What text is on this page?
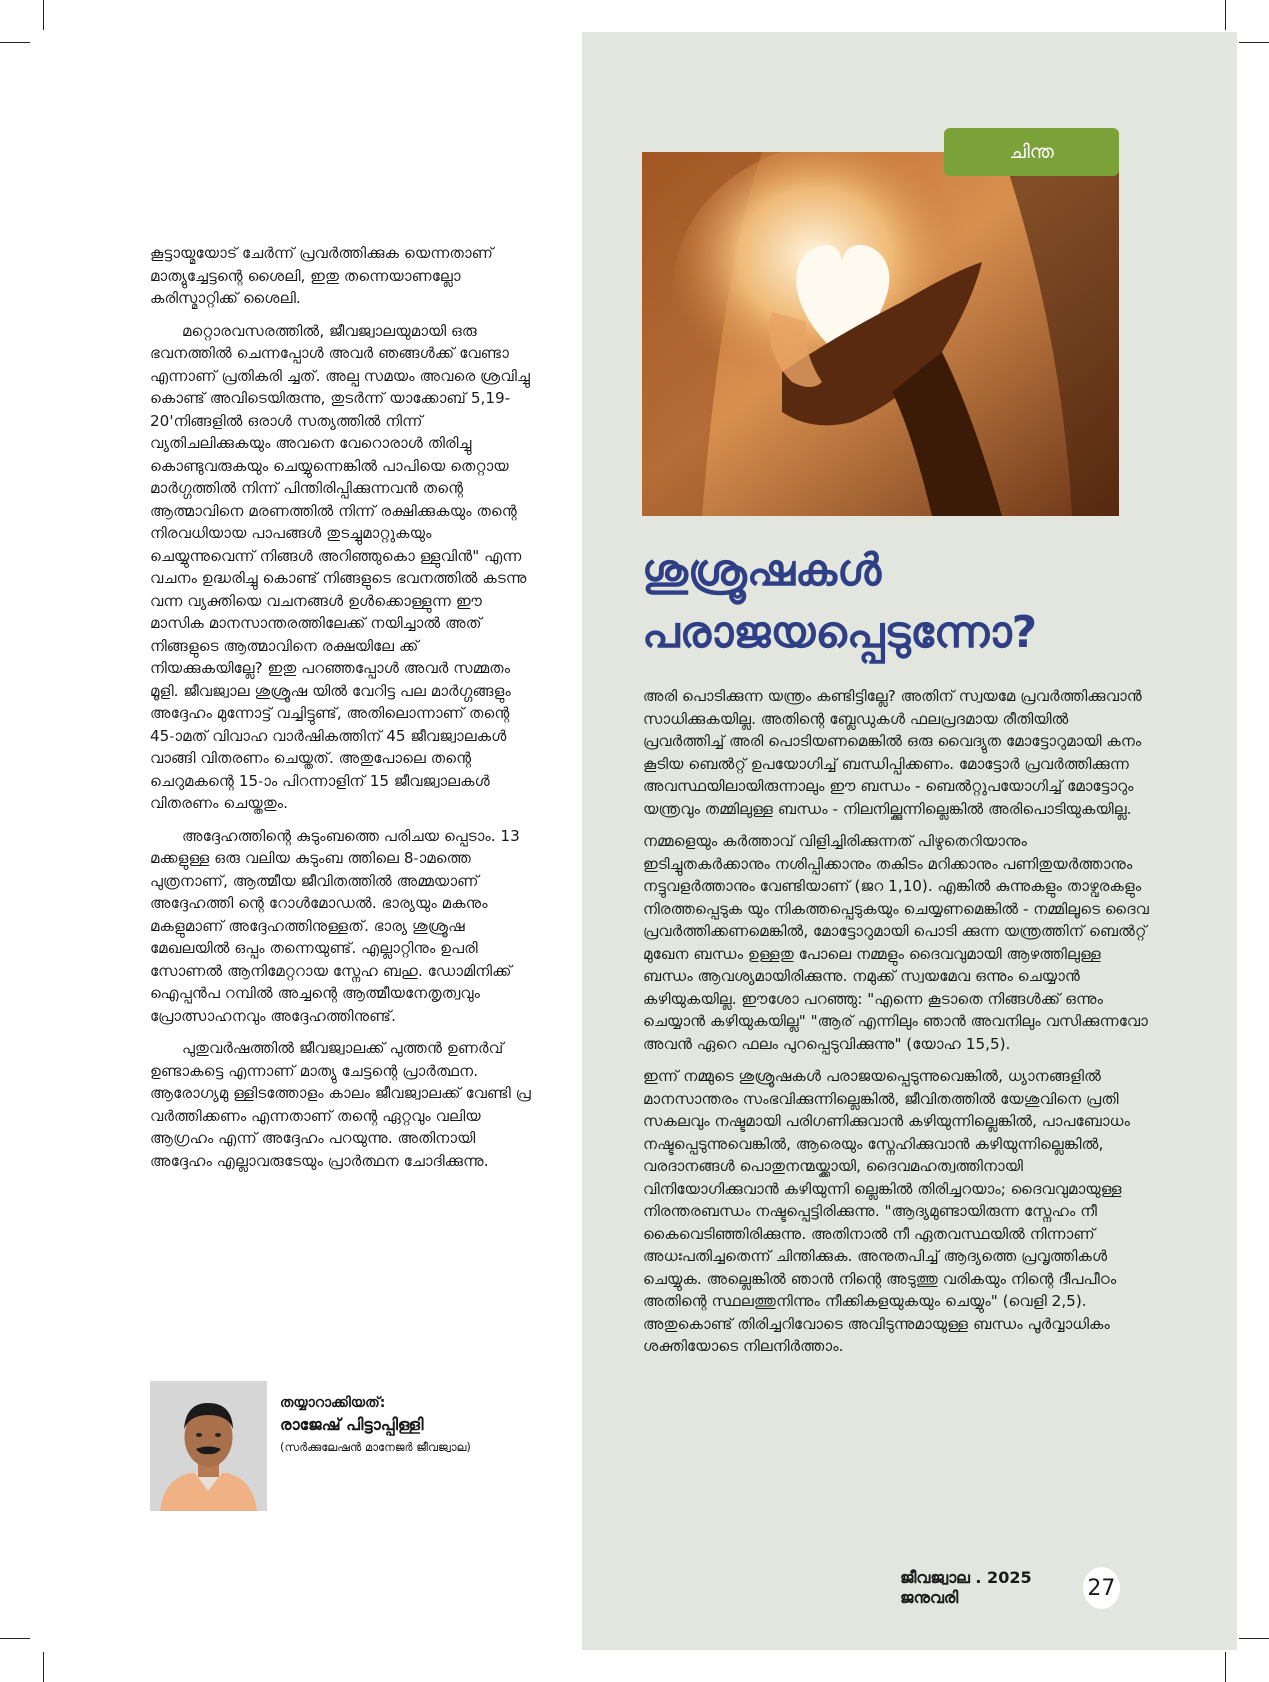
കൂട്ടായ്മയോട് ചേർന്ന് പ്രവർത്തിക്കുക യെന്നതാണ് മാത്യുച്ചേട്ടന്റെ ശൈലി, ഇതു തന്നെയാണല്ലോ കരിസ്മാറ്റിക്ക് ശൈലി.

മറ്റൊരവസരത്തിൽ, ജീവജ്വാലയുമായി ഒരു ഭവനത്തിൽ ചെന്നപ്പോൾ അവർ ഞങ്ങൾക്ക് വേണ്ടാ എന്നാണ് പ്രതികരി ച്ചത്. അല്പ സമയം അവരെ ശ്രവിച്ചു കൊണ്ട് അവിടെയിരുന്നു, തുടർന്ന് യാക്കോബ് 5,19-20'നിങ്ങളിൽ ഒരാൾ സത്യത്തിൽ നിന്ന് വ്യതിചലിക്കുകയും അവനെ വേറൊരാൾ തിരിച്ചു കൊണ്ടുവരുകയും ചെയ്യുന്നെങ്കിൽ പാപിയെ തെറ്റായ മാർഗ്ഗത്തിൽ നിന്ന് പിന്തിരിപ്പിക്കുന്നവൻ തന്റെ ആത്മാവിനെ മരണത്തിൽ നിന്ന് രക്ഷിക്കുകയും തന്റെ നിരവധിയായ പാപങ്ങൾ തുടച്ചുമാറ്റുകയും ചെയ്യുന്നുവെന്ന് നിങ്ങൾ അറിഞ്ഞുകൊ ള്ളുവിൻ" എന്ന വചനം ഉദ്ധരിച്ചു കൊണ്ട് നിങ്ങളുടെ ഭവനത്തിൽ കടന്നു വന്ന വ്യക്തിയെ വചനങ്ങൾ ഉൾക്കൊള്ളുന്ന ഈ മാസിക മാനസാന്തരത്തിലേക്ക് നയിച്ചാൽ അത് നിങ്ങളുടെ ആത്മാവിനെ രക്ഷയിലേ ക്ക് നിയക്കുകയില്ലേ? ഇതു പറഞ്ഞപ്പോൾ അവർ സമ്മതം മൂളി. ജീവജ്വാല ശുശ്രൂഷ യിൽ വേറിട്ട പല മാർഗ്ഗങ്ങളും അദ്ദേഹം മുന്നോട്ട് വച്ചിട്ടുണ്ട്, അതിലൊന്നാണ് തന്റെ 45-ാമത് വിവാഹ വാർഷികത്തിന് 45 ജീവജ്വാലകൾ വാങ്ങി വിതരണം ചെയ്തത്. അതുപോലെ തന്റെ ചെറുമകന്റെ 15-ാം പിറന്നാളിന് 15 ജീവജ്വാലകൾ വിതരണം ചെയ്തതും.

അദ്ദേഹത്തിന്റെ കുടുംബത്തെ പരിചയ പ്പെടാം. 13 മക്കളുള്ള ഒരു വലിയ കുടുംബ ത്തിലെ 8-ാമത്തെ പുത്രനാണ്, ആത്മീയ ജീവിതത്തിൽ അമ്മയാണ് അദ്ദേഹത്തി ന്റെ റോൾമോഡൽ. ഭാര്യയും മകനും മകളുമാണ് അദ്ദേഹത്തിനുള്ളത്. ഭാര്യ ശുശ്രൂഷ മേഖലയിൽ ഒപ്പം തന്നെയുണ്ട്. എല്ലാറ്റിനും ഉപരി സോണൽ ആനിമേറ്ററായ സ്നേഹ ബഹു. ഡോമിനിക്ക് ഐപ്പൻപ റമ്പിൽ അച്ചന്റെ ആത്മീയനേതൃത്വവും പ്രോത്സാഹനവും അദ്ദേഹത്തിനുണ്ട്.

പുതുവർഷത്തിൽ ജീവജ്വാലക്ക് പുത്തൻ ഉണർവ് ഉണ്ടാകട്ടെ എന്നാണ് മാത്യു ചേട്ടന്റെ പ്രാർത്ഥന. ആരോഗ്യമു ള്ളിടത്തോളം കാലം ജീവജ്വാലക്ക് വേണ്ടി പ്ര വർത്തിക്കണം എന്നതാണ് തന്റെ ഏറ്റവും വലിയ ആഗ്രഹം എന്ന് അദ്ദേഹം പറയുന്നു. അതിനായി അദ്ദേഹം എല്ലാവരുടേയും പ്രാർത്ഥന ചോദിക്കുന്നു.

തയ്യാറാക്കിയത്:
രാജേഷ് പിട്ടാപ്പിള്ളി
(സർക്കുലേഷൻ മാനേജർ ജീവജ്വാല)
ചിന്ത
ശുശ്രൂഷകൾ
പരാജയപ്പെടുന്നോ?

അരി പൊടിക്കുന്ന യന്ത്രം കണ്ടിട്ടില്ലേ? അതിന് സ്വയമേ പ്രവർത്തിക്കുവാൻ സാധിക്കുകയില്ല. അതിന്റെ ബ്ലേഡുകൾ ഫലപ്രദമായ രീതിയിൽ പ്രവർത്തിച്ച് അരി പൊടിയണമെങ്കിൽ ഒരു വൈദ്യുത മോട്ടോറുമായി കനം കൂടിയ ബെൽറ്റ് ഉപയോഗിച്ച് ബന്ധിപ്പിക്കണം. മോട്ടോർ പ്രവർത്തിക്കുന്ന അവസ്ഥയിലായിരുന്നാലും ഈ ബന്ധം - ബെൽറ്റുപയോഗിച്ച് മോട്ടോറും യന്ത്രവും തമ്മിലുള്ള ബന്ധം - നിലനില്ക്കുന്നില്ലെങ്കിൽ അരിപൊടിയുകയില്ല.

നമ്മളെയും കർത്താവ് വിളിച്ചിരിക്കുന്നത് പിഴുതെറിയാനും ഇടിച്ചുതകർക്കാനും നശിപ്പിക്കാനും തകിടം മറിക്കാനും പണിതുയർത്താനും നട്ടുവളർത്താനും വേണ്ടിയാണ് (ജറ 1,10). എങ്കിൽ കുന്നുകളും താഴ്വരകളും നിരത്തപ്പെടുക യും നികത്തപ്പെടുകയും ചെയ്യണമെങ്കിൽ - നമ്മിലൂടെ ദൈവ പ്രവർത്തിക്കണമെങ്കിൽ, മോട്ടോറുമായി പൊടി ക്കുന്ന യന്ത്രത്തിന് ബെൽറ്റ് മുഖേന ബന്ധം ഉള്ളതു പോലെ നമ്മളും ദൈവവുമായി ആഴത്തിലുള്ള ബന്ധം ആവശ്യമായിരിക്കുന്നു. നമുക്ക് സ്വയമേവ ഒന്നും ചെയ്യാൻ കഴിയുകയില്ല. ഈശോ പറഞ്ഞു: "എന്നെ കൂടാതെ നിങ്ങൾക്ക് ഒന്നും ചെയ്യാൻ കഴിയുകയില്ല" "ആര് എന്നിലും ഞാൻ അവനിലും വസിക്കുന്നവോ അവൻ ഏറെ ഫലം പുറപ്പെടുവിക്കുന്നു" (യോഹ 15,5).

ഇന്ന് നമ്മുടെ ശുശ്രൂഷകൾ പരാജയപ്പെടുന്നുവെങ്കിൽ, ധ്യാനങ്ങളിൽ മാനസാന്തരം സംഭവിക്കുന്നില്ലെങ്കിൽ, ജീവിതത്തിൽ യേശുവിനെ പ്രതി സകലവും നഷ്ടമായി പരിഗണിക്കുവാൻ കഴിയുന്നില്ലെങ്കിൽ, പാപബോധം നഷ്ടപ്പെടുന്നുവെങ്കിൽ, ആരെയും സ്നേഹിക്കുവാൻ കഴിയുന്നില്ലെങ്കിൽ, വരദാനങ്ങൾ പൊതുനന്മയ്ക്കായി, ദൈവമഹത്വത്തിനായി വിനിയോഗിക്കുവാൻ കഴിയുന്നി ല്ലെങ്കിൽ തിരിച്ചറയാം; ദൈവവുമായുള്ള നിരന്തരബന്ധം നഷ്ടപ്പെട്ടിരിക്കുന്നു. "ആദ്യമുണ്ടായിരുന്ന സ്നേഹം നീ കൈവെടിഞ്ഞിരിക്കുന്നു. അതിനാൽ നീ ഏതവസ്ഥയിൽ നിന്നാണ് അധഃപതിച്ചതെന്ന് ചിന്തിക്കുക. അനുതപിച്ച് ആദ്യത്തെ പ്രവൃത്തികൾ ചെയ്യുക. അല്ലെങ്കിൽ ഞാൻ നിന്റെ അടുത്തു വരികയും നിന്റെ ദീപപീഠം അതിന്റെ സ്ഥലത്തുനിന്നും നീക്കികളയുകയും ചെയ്യും" (വെളി 2,5). അതുകൊണ്ട് തിരിച്ചറിവോടെ അവിടുന്നുമായുള്ള ബന്ധം പൂർവ്വാധികം ശക്തിയോടെ നിലനിർത്താം.

ജീവജ്വാല . 2025 ജനുവരി	27
